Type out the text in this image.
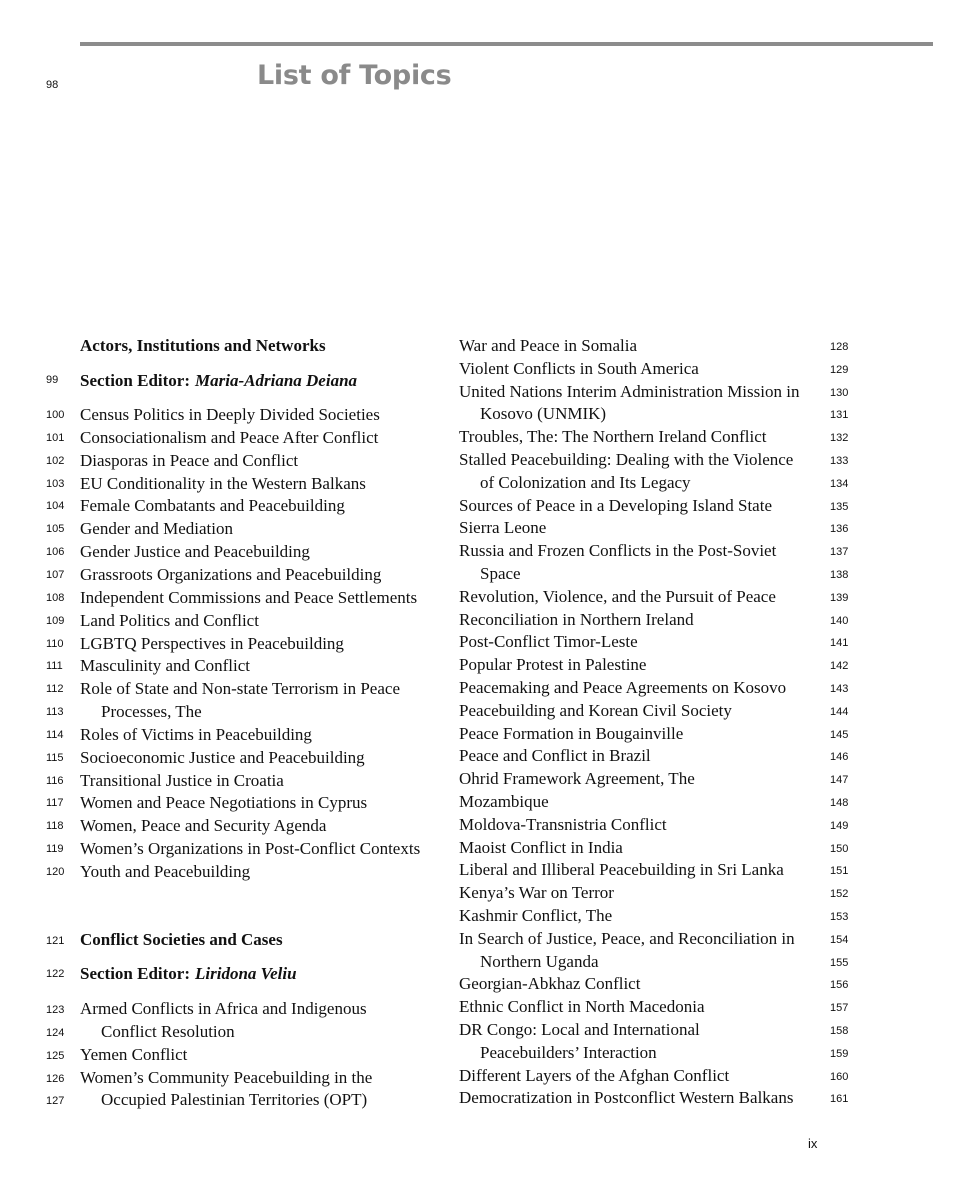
98	List of Topics
Actors, Institutions and Networks
Section Editor: Maria-Adriana Deiana
Census Politics in Deeply Divided Societies
Consociationalism and Peace After Conflict
Diasporas in Peace and Conflict
EU Conditionality in the Western Balkans
Female Combatants and Peacebuilding
Gender and Mediation
Gender Justice and Peacebuilding
Grassroots Organizations and Peacebuilding
Independent Commissions and Peace Settlements
Land Politics and Conflict
LGBTQ Perspectives in Peacebuilding
Masculinity and Conflict
Role of State and Non-state Terrorism in Peace
Processes, The
Roles of Victims in Peacebuilding
Socioeconomic Justice and Peacebuilding
Transitional Justice in Croatia
Women and Peace Negotiations in Cyprus
Women, Peace and Security Agenda
Women’s Organizations in Post-Conflict Contexts
Youth and Peacebuilding
Conflict Societies and Cases
Section Editor: Liridona Veliu
Armed Conflicts in Africa and Indigenous
Conflict Resolution
Yemen Conflict
Women’s Community Peacebuilding in the
Occupied Palestinian Territories (OPT)
99
100
101
102
103
104
105
106
107
108
109
110
111
112
113
114
115
116
117
118
119
120
121
122
123
124
125
126
127
War and Peace in Somalia
Violent Conflicts in South America
United Nations Interim Administration Mission in
Kosovo (UNMIK)
Troubles, The: The Northern Ireland Conflict
Stalled Peacebuilding: Dealing with the Violence
of Colonization and Its Legacy
Sources of Peace in a Developing Island State
Sierra Leone
Russia and Frozen Conflicts in the Post-Soviet
Space
Revolution, Violence, and the Pursuit of Peace
Reconciliation in Northern Ireland
Post-Conflict Timor-Leste
Popular Protest in Palestine
Peacemaking and Peace Agreements on Kosovo
Peacebuilding and Korean Civil Society
Peace Formation in Bougainville
Peace and Conflict in Brazil
Ohrid Framework Agreement, The
Mozambique
Moldova-Transnistria Conflict
Maoist Conflict in India
Liberal and Illiberal Peacebuilding in Sri Lanka
Kenya’s War on Terror
Kashmir Conflict, The
In Search of Justice, Peace, and Reconciliation in
Northern Uganda
Georgian-Abkhaz Conflict
Ethnic Conflict in North Macedonia
DR Congo: Local and International
Peacebuilders’ Interaction
Different Layers of the Afghan Conflict
Democratization in Postconflict Western Balkans
128
129
130
131
132
133
134
135
136
137
138
139
140
141
142
143
144
145
146
147
148
149
150
151
152
153
154
155
156
157
158
159
160
161
ix
